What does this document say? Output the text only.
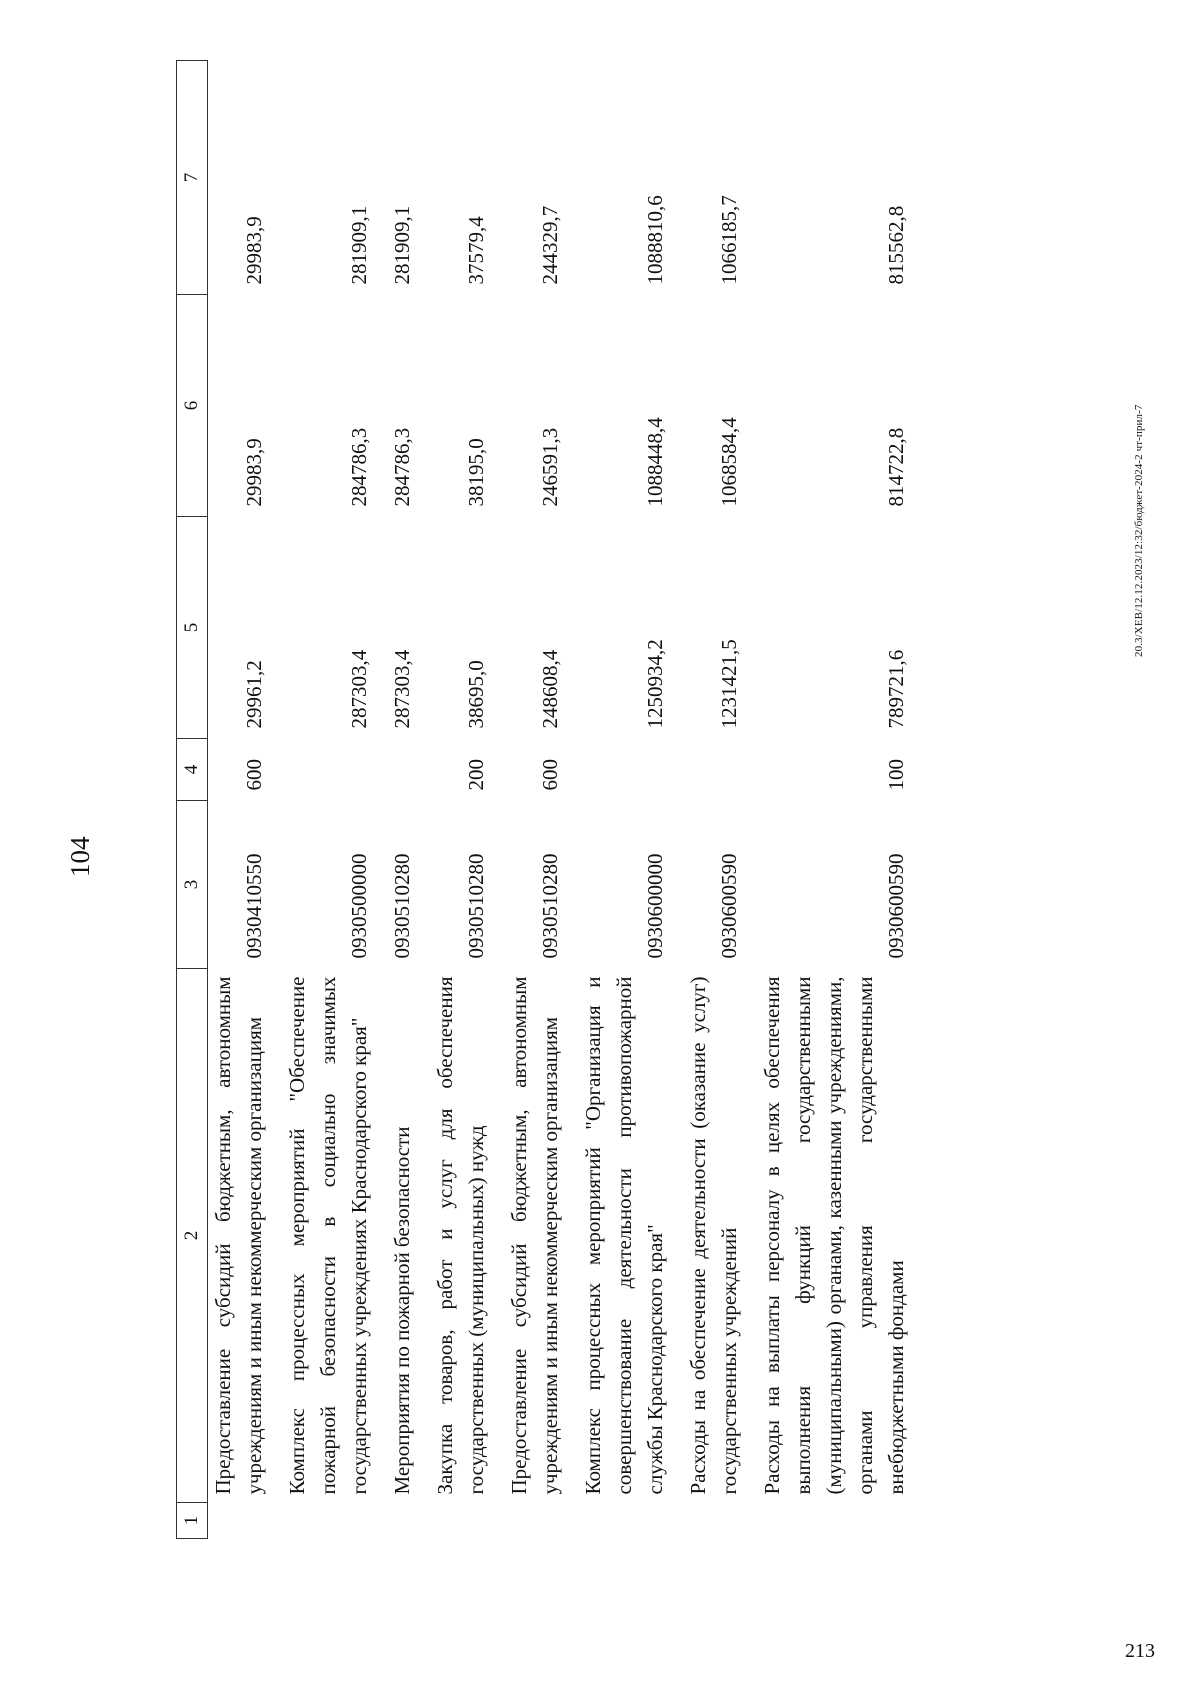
104
1	2	3	4	5	6	7
	Предоставление субсидий бюджетным, автономным учреждениям и иным некоммерческим организациям	0930410550	600	29961,2	29983,9	29983,9
	Комплекс процессных мероприятий "Обеспечение пожарной безопасности в социально значимых государственных учреждениях Краснодарского края"	0930500000		287303,4	284786,3	281909,1
	Мероприятия по пожарной безопасности	0930510280		287303,4	284786,3	281909,1
	Закупка товаров, работ и услуг для обеспечения государственных (муниципальных) нужд	0930510280	200	38695,0	38195,0	37579,4
	Предоставление субсидий бюджетным, автономным учреждениям и иным некоммерческим организациям	0930510280	600	248608,4	246591,3	244329,7
	Комплекс процессных мероприятий "Организация и совершенствование деятельности противопожарной службы Краснодарского края"	0930600000		1250934,2	1088448,4	1088810,6
	Расходы на обеспечение деятельности (оказание услуг) государственных учреждений	0930600590		1231421,5	1068584,4	1066185,7
	Расходы на выплаты персоналу в целях обеспечения выполнения функций государственными (муниципальными) органами, казенными учреждениями, органами управления государственными внебюджетными фондами	0930600590	100	789721,6	814722,8	815562,8
20.3/XEB/12.12.2023/12:32/бюджет-2024-2 чт-прил-7
213
